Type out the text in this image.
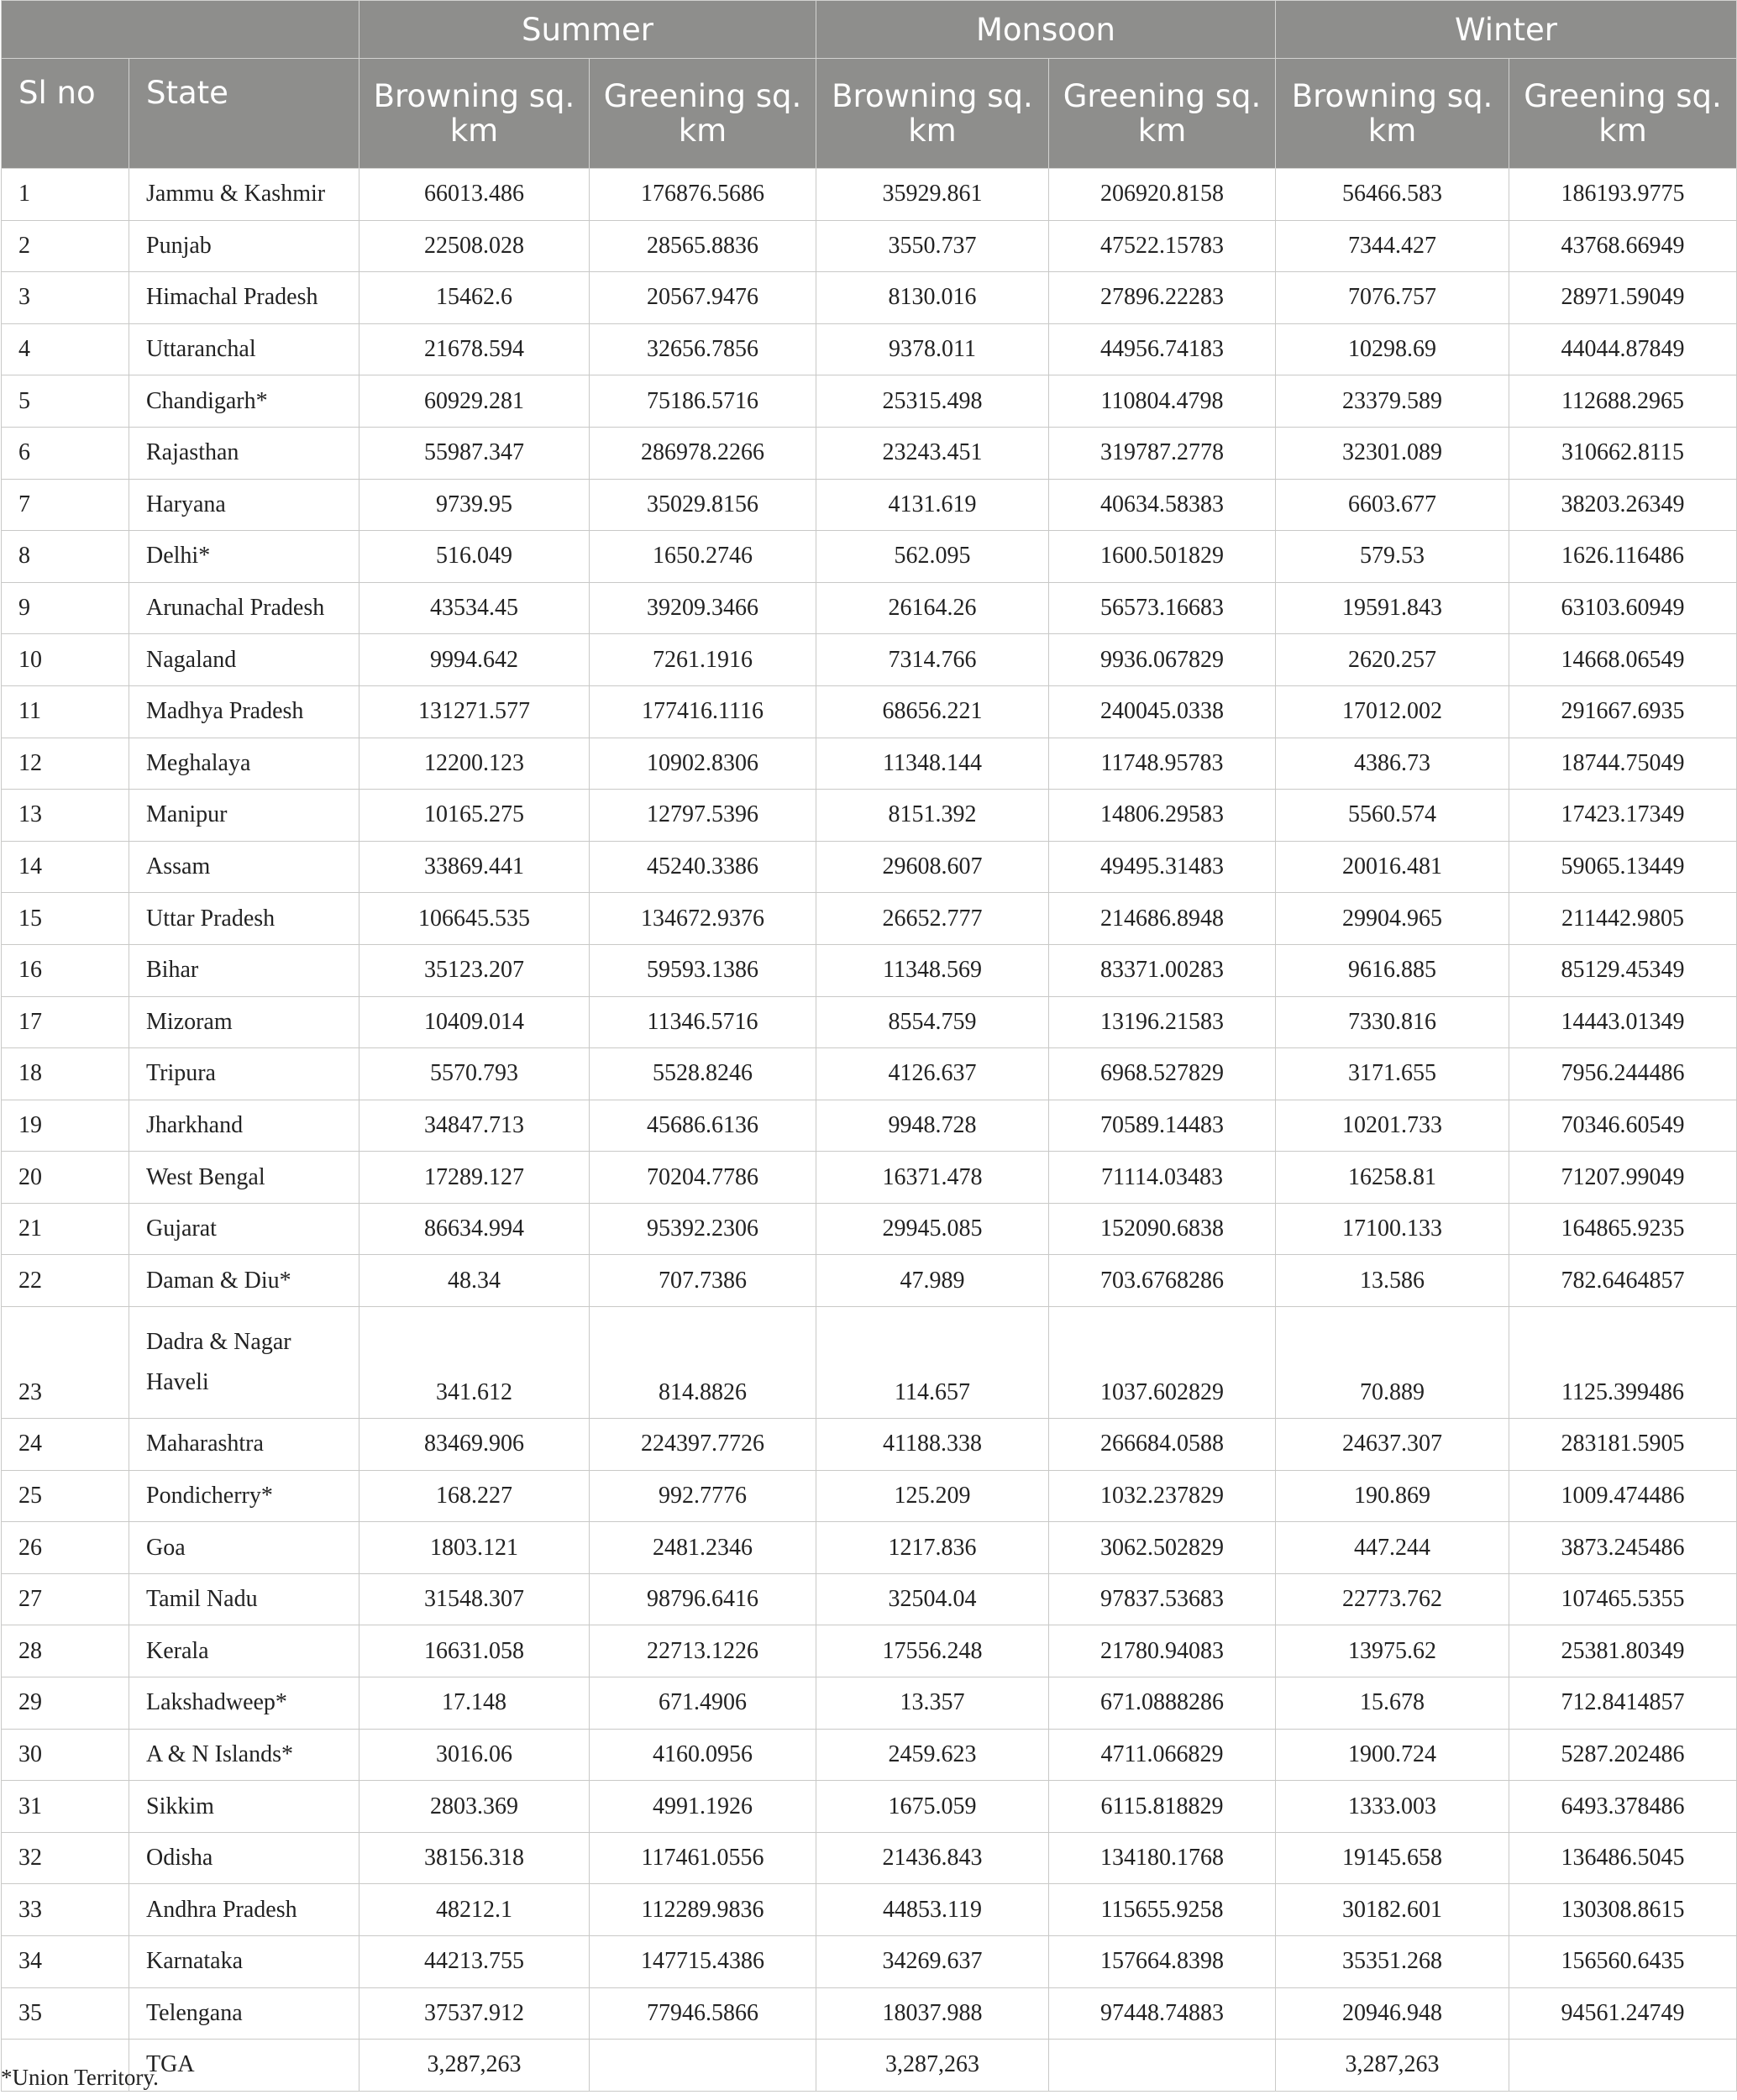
		Summer		Monsoon		Winter	
Sl no	State	Browning sq. km	Greening sq. km	Browning sq. km	Greening sq. km	Browning sq. km	Greening sq. km
1	Jammu & Kashmir	66013.486	176876.5686	35929.861	206920.8158	56466.583	186193.9775
2	Punjab	22508.028	28565.8836	3550.737	47522.15783	7344.427	43768.66949
3	Himachal Pradesh	15462.6	20567.9476	8130.016	27896.22283	7076.757	28971.59049
4	Uttaranchal	21678.594	32656.7856	9378.011	44956.74183	10298.69	44044.87849
5	Chandigarh*	60929.281	75186.5716	25315.498	110804.4798	23379.589	112688.2965
6	Rajasthan	55987.347	286978.2266	23243.451	319787.2778	32301.089	310662.8115
7	Haryana	9739.95	35029.8156	4131.619	40634.58383	6603.677	38203.26349
8	Delhi*	516.049	1650.2746	562.095	1600.501829	579.53	1626.116486
9	Arunachal Pradesh	43534.45	39209.3466	26164.26	56573.16683	19591.843	63103.60949
10	Nagaland	9994.642	7261.1916	7314.766	9936.067829	2620.257	14668.06549
11	Madhya Pradesh	131271.577	177416.1116	68656.221	240045.0338	17012.002	291667.6935
12	Meghalaya	12200.123	10902.8306	11348.144	11748.95783	4386.73	18744.75049
13	Manipur	10165.275	12797.5396	8151.392	14806.29583	5560.574	17423.17349
14	Assam	33869.441	45240.3386	29608.607	49495.31483	20016.481	59065.13449
15	Uttar Pradesh	106645.535	134672.9376	26652.777	214686.8948	29904.965	211442.9805
16	Bihar	35123.207	59593.1386	11348.569	83371.00283	9616.885	85129.45349
17	Mizoram	10409.014	11346.5716	8554.759	13196.21583	7330.816	14443.01349
18	Tripura	5570.793	5528.8246	4126.637	6968.527829	3171.655	7956.244486
19	Jharkhand	34847.713	45686.6136	9948.728	70589.14483	10201.733	70346.60549
20	West Bengal	17289.127	70204.7786	16371.478	71114.03483	16258.81	71207.99049
21	Gujarat	86634.994	95392.2306	29945.085	152090.6838	17100.133	164865.9235
22	Daman & Diu*	48.34	707.7386	47.989	703.6768286	13.586	782.6464857
23	Dadra & Nagar Haveli	341.612	814.8826	114.657	1037.602829	70.889	1125.399486
24	Maharashtra	83469.906	224397.7726	41188.338	266684.0588	24637.307	283181.5905
25	Pondicherry*	168.227	992.7776	125.209	1032.237829	190.869	1009.474486
26	Goa	1803.121	2481.2346	1217.836	3062.502829	447.244	3873.245486
27	Tamil Nadu	31548.307	98796.6416	32504.04	97837.53683	22773.762	107465.5355
28	Kerala	16631.058	22713.1226	17556.248	21780.94083	13975.62	25381.80349
29	Lakshadweep*	17.148	671.4906	13.357	671.0888286	15.678	712.8414857
30	A & N Islands*	3016.06	4160.0956	2459.623	4711.066829	1900.724	5287.202486
31	Sikkim	2803.369	4991.1926	1675.059	6115.818829	1333.003	6493.378486
32	Odisha	38156.318	117461.0556	21436.843	134180.1768	19145.658	136486.5045
33	Andhra Pradesh	48212.1	112289.9836	44853.119	115655.9258	30182.601	130308.8615
34	Karnataka	44213.755	147715.4386	34269.637	157664.8398	35351.268	156560.6435
35	Telengana	37537.912	77946.5866	18037.988	97448.74883	20946.948	94561.24749
	TGA	3,287,263		3,287,263		3,287,263	
*Union Territory.
